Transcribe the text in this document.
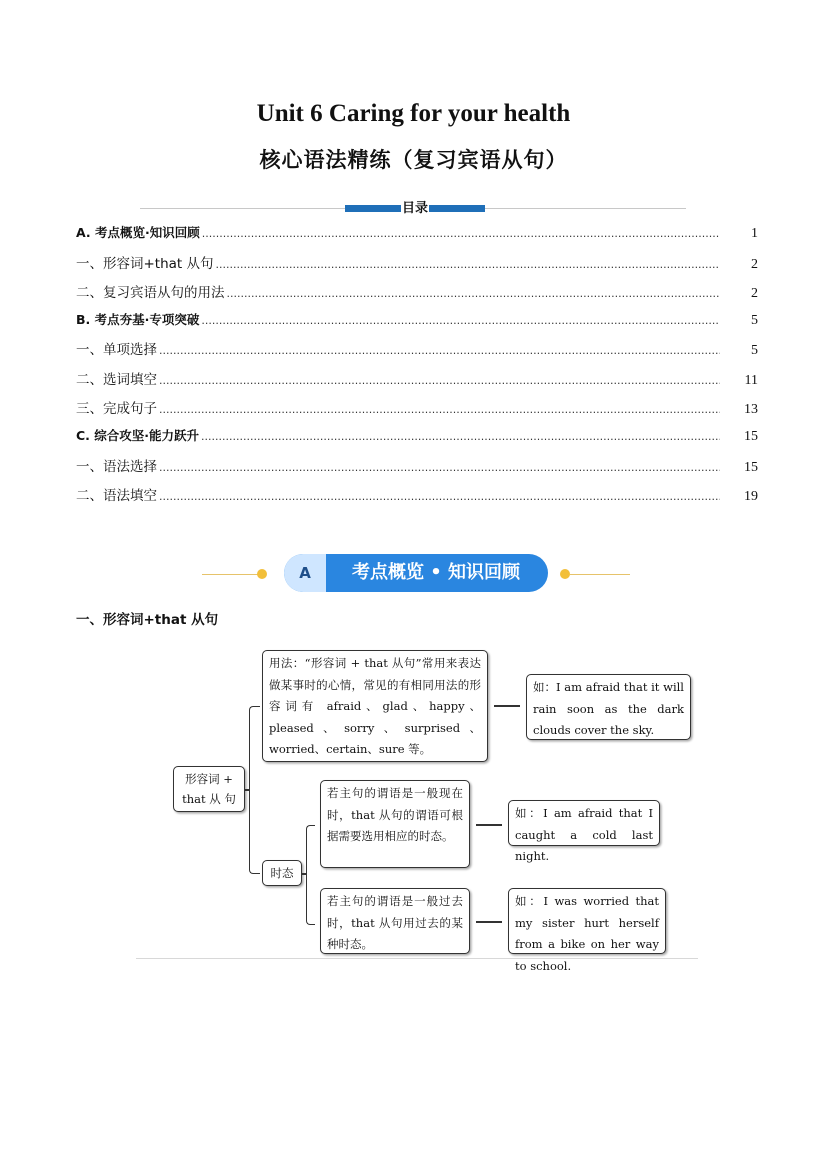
Unit 6 Caring for your health
核心语法精练（复习宾语从句）
目录
A. 考点概览·知识回顾 .....	1
一、形容词+that 从句 .....	2
二、复习宾语从句的用法 .....	2
B. 考点夯基·专项突破 .....	5
一、单项选择 .....	5
二、选词填空 .....	11
三、完成句子 .....	13
C. 综合攻坚·能力跃升 .....	15
一、语法选择 .....	15
二、语法填空 .....	19
A	考点概览 • 知识回顾
一、形容词+that 从句
形容词 + that 从 句
用法：“形容词 + that 从句”常用来表达做某事时的心情，常见的有相同用法的形容词有 afraid、glad、happy、pleased、sorry、surprised、worried、certain、sure 等。
如：I am afraid that it will rain soon as the dark clouds cover the sky.
时态
若主句的谓语是一般现在时，that 从句的谓语可根据需要选用相应的时态。
如：I am afraid that I caught a cold last night.
若主句的谓语是一般过去时，that 从句用过去的某种时态。
如：I was worried that my sister hurt herself from a bike on her way to school.
